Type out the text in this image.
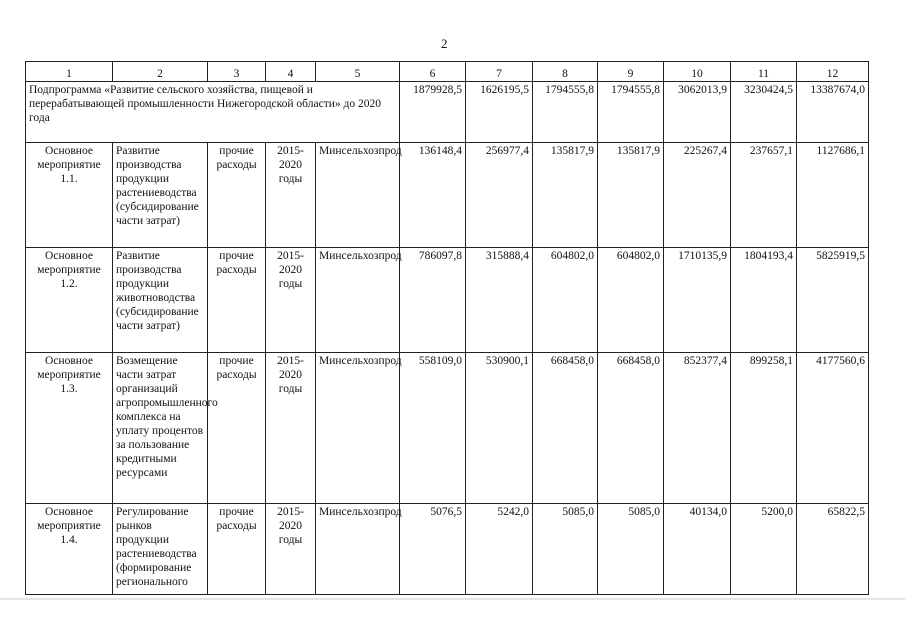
2
1	2	3	4	5	6	7	8	9	10	11	12
Подпрограмма «Развитие сельского хозяйства, пищевой и перерабатывающей промышленности Нижегородской области» до 2020 года					1879928,5	1626195,5	1794555,8	1794555,8	3062013,9	3230424,5	13387674,0
Основное мероприятие 1.1.	Развитие производства продукции растениеводства (субсидирование части затрат)	прочие расходы	2015-2020 годы	Минсельхозпрод	136148,4	256977,4	135817,9	135817,9	225267,4	237657,1	1127686,1
Основное мероприятие 1.2.	Развитие производства продукции животноводства (субсидирование части затрат)	прочие расходы	2015-2020 годы	Минсельхозпрод	786097,8	315888,4	604802,0	604802,0	1710135,9	1804193,4	5825919,5
Основное мероприятие 1.3.	Возмещение части затрат организаций агропромышленного комплекса на уплату процентов за пользование кредитными ресурсами	прочие расходы	2015-2020 годы	Минсельхозпрод	558109,0	530900,1	668458,0	668458,0	852377,4	899258,1	4177560,6
Основное мероприятие 1.4.	Регулирование рынков продукции растениеводства (формирование регионального	прочие расходы	2015-2020 годы	Минсельхозпрод	5076,5	5242,0	5085,0	5085,0	40134,0	5200,0	65822,5
